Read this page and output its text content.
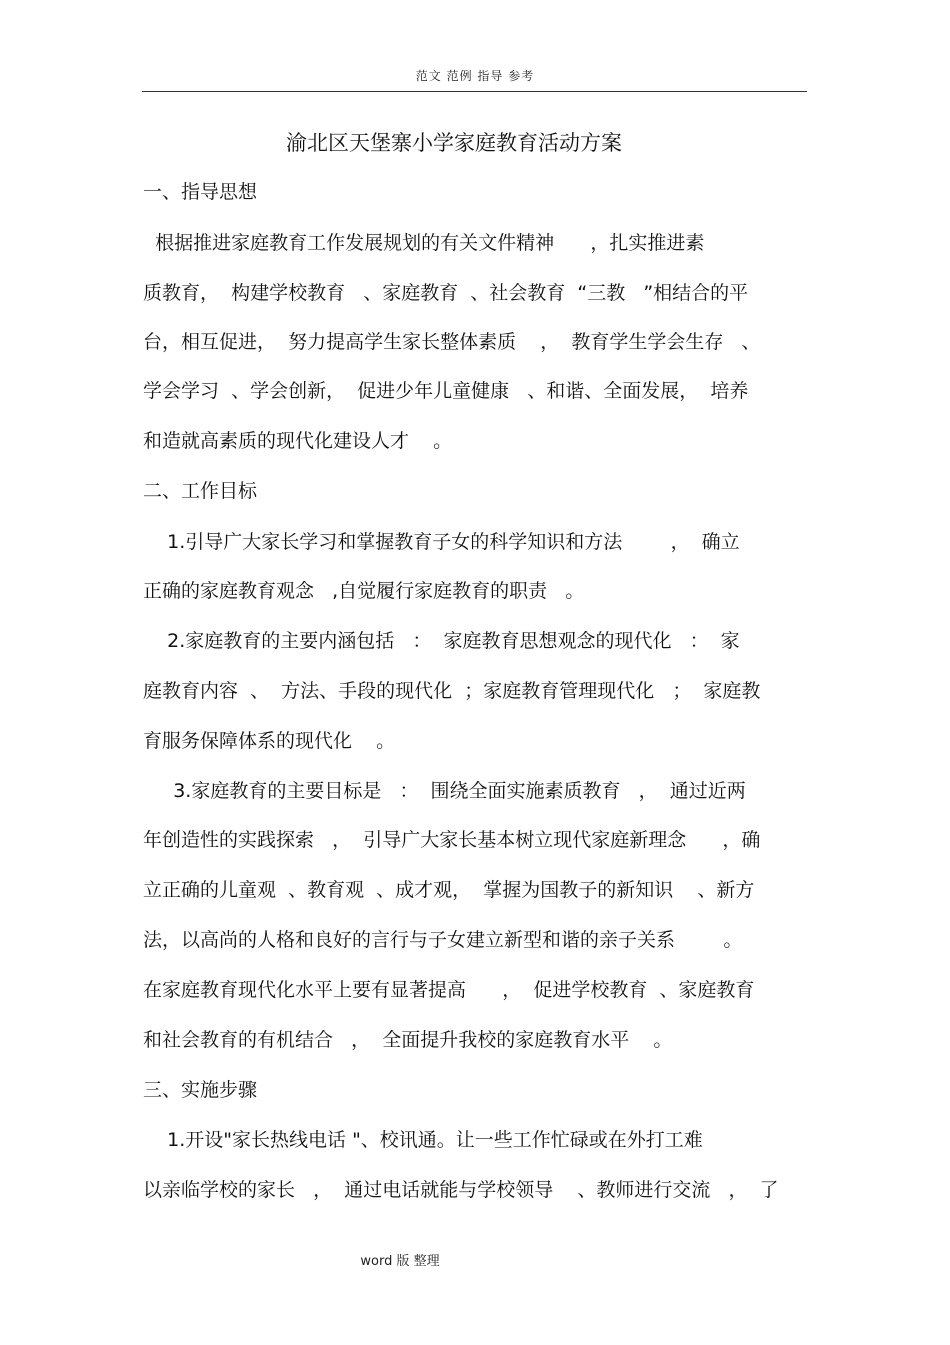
范文 范例 指导 参考
渝北区天堡寨小学家庭教育活动方案
一、指导思想
根据推进家庭教育工作发展规划的有关文件精神      ，扎实推进素
质教育，  构建学校教育   、家庭教育  、社会教育  “三教   ”相结合的平
台，相互促进，  努力提高学生家长整体素质    ，  教育学生学会生存   、
学会学习  、学会创新，  促进少年儿童健康   、和谐、全面发展，  培养
和造就高素质的现代化建设人才    。
二、工作目标
1.引导广大家长学习和掌握教育子女的科学知识和方法        ，  确立
正确的家庭教育观念   ,自觉履行家庭教育的职责   。
2.家庭教育的主要内涵包括   ：  家庭教育思想观念的现代化   ：  家
庭教育内容  、  方法、手段的现代化  ；家庭教育管理现代化   ；  家庭教
育服务保障体系的现代化    。
3.家庭教育的主要目标是   ：  围绕全面实施素质教育   ，  通过近两
年创造性的实践探索   ，  引导广大家长基本树立现代家庭新理念      ，确
立正确的儿童观  、教育观  、成才观，  掌握为国教子的新知识    、新方
法，以高尚的人格和良好的言行与子女建立新型和谐的亲子关系        。
在家庭教育现代化水平上要有显著提高      ，  促进学校教育  、家庭教育
和社会教育的有机结合   ，  全面提升我校的家庭教育水平    。
三、实施步骤
1.开设"家长热线电话 "、校讯通。让一些工作忙碌或在外打工难
以亲临学校的家长   ，  通过电话就能与学校领导    、教师进行交流   ，  了
word 版 整理
